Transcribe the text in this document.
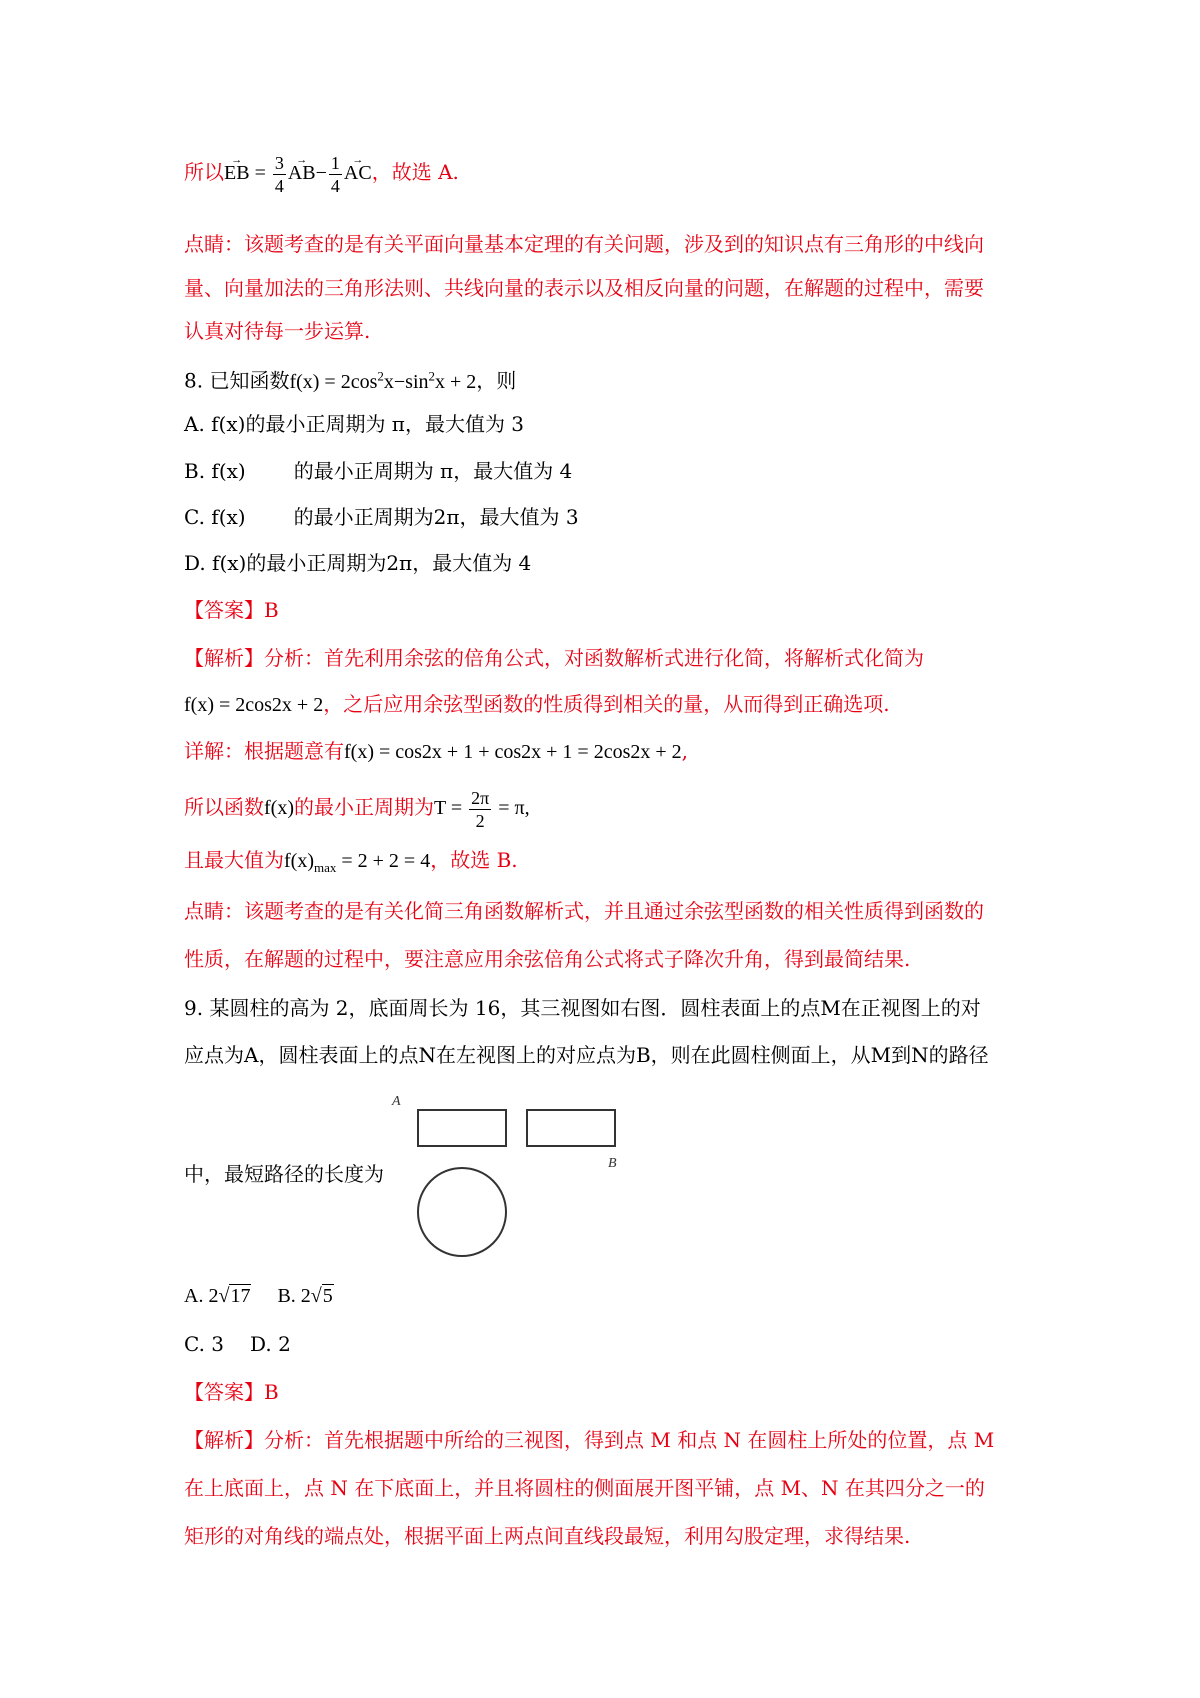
所以→ EB = $\frac{3}{4}$
→ $AB- \frac{1}{4}$
→ AC，故选 A.
点睛：该题考查的是有关平面向量基本定理的有关问题，涉及到的知识点有三角形的中线向
量、向量加法的三角形法则、共线向量的表示以及相反向量的问题，在解题的过程中，需要
认真对待每一步运算.
8. 已知函数$f(x) = 2\cos^2x-\sin^2x + 2$，则
A. f(x)的最小正周期为 π，最大值为 3
B. f(x) 的最小正周期为 π，最大值为 4
C. f(x) 的最小正周期为2π，最大值为 3
D. f(x)的最小正周期为2π，最大值为 4
【答案】B
【解析】分析：首先利用余弦的倍角公式，对函数解析式进行化简，将解析式化简为
f(x) = 2cos2x + 2，之后应用余弦型函数的性质得到相关的量，从而得到正确选项.
详解：根据题意有f(x) = cos2x + 1 + cos2x + 1 = 2cos2x + 2,
所以函数f(x)的最小正周期为$T = \frac{2\pi}{2} = \pi$,
且最大值为$f(x)_{max} = 2 + 2 = 4$，故选 B.
点睛：该题考查的是有关化简三角函数解析式，并且通过余弦型函数的相关性质得到函数的
性质，在解题的过程中，要注意应用余弦倍角公式将式子降次升角，得到最简结果.
9. 某圆柱的高为 2，底面周长为 16，其三视图如右图．圆柱表面上的点M在正视图上的对
应点为A，圆柱表面上的点N在左视图上的对应点为B，则在此圆柱侧面上，从M到N的路径
中，最短路径的长度为
A
B
A. 2√17 B. 2√5
C. 3 D. 2
【答案】B
【解析】分析：首先根据题中所给的三视图，得到点 M 和点 N 在圆柱上所处的位置，点 M
在上底面上，点 N 在下底面上，并且将圆柱的侧面展开图平铺，点 M、N 在其四分之一的
矩形的对角线的端点处，根据平面上两点间直线段最短，利用勾股定理，求得结果.
